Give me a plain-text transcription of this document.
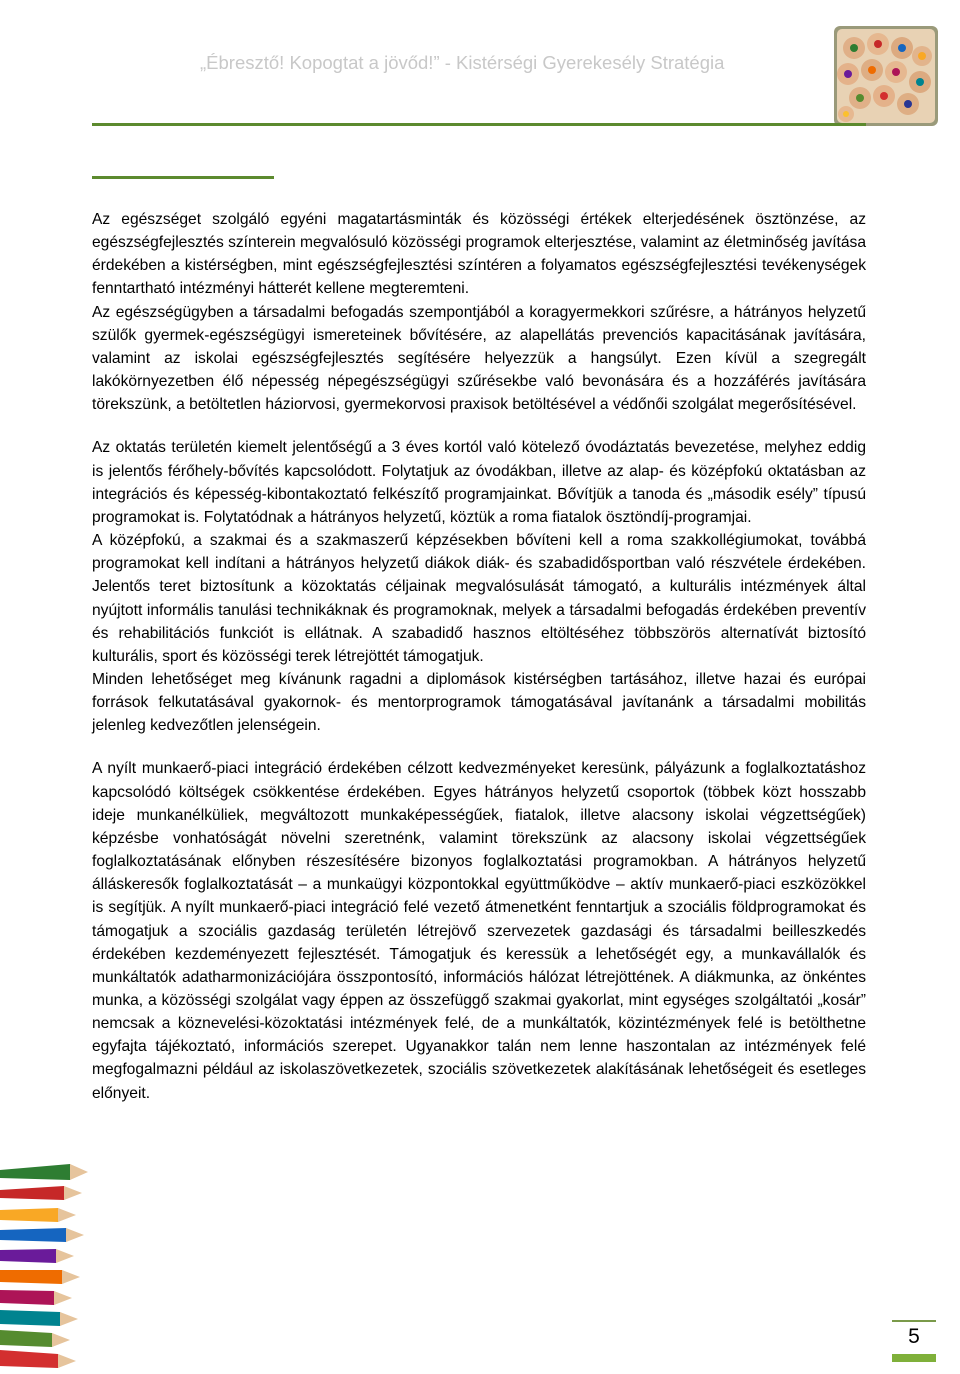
„Ébresztő! Kopogtat a jövőd!” - Kistérségi Gyerekesély Stratégia

Az egészséget szolgáló egyéni magatartásminták és közösségi értékek elterjedésének ösztönzése, az egészségfejlesztés színterein megvalósuló közösségi programok elterjesztése, valamint az életminőség javítása érdekében a kistérségben, mint egészségfejlesztési színtéren a folyamatos egészségfejlesztési tevékenységek fenntartható intézményi hátterét kellene megteremteni.

Az egészségügyben a társadalmi befogadás szempontjából a koragyermekkori szűrésre, a hátrányos helyzetű szülők gyermek-egészségügyi ismereteinek bővítésére, az alapellátás prevenciós kapacitásának javítására, valamint az iskolai egészségfejlesztés segítésére helyezzük a hangsúlyt. Ezen kívül a szegregált lakókörnyezetben élő népesség népegészségügyi szűrésekbe való bevonására és a hozzáférés javítására törekszünk, a betöltetlen háziorvosi, gyermekorvosi praxisok betöltésével a védőnői szolgálat megerősítésével.

Az oktatás területén kiemelt jelentőségű a 3 éves kortól való kötelező óvodáztatás bevezetése, melyhez eddig is jelentős férőhely-bővítés kapcsolódott. Folytatjuk az óvodákban, illetve az alap- és középfokú oktatásban az integrációs és képesség-kibontakoztató felkészítő programjainkat. Bővítjük a tanoda és „második esély” típusú programokat is. Folytatódnak a hátrányos helyzetű, köztük a roma fiatalok ösztöndíj-programjai.

A középfokú, a szakmai és a szakmaszerű képzésekben bővíteni kell a roma szakkollégiumokat, továbbá programokat kell indítani a hátrányos helyzetű diákok diák- és szabadidősportban való részvétele érdekében. Jelentős teret biztosítunk a közoktatás céljainak megvalósulását támogató, a kulturális intézmények által nyújtott informális tanulási technikáknak és programoknak, melyek a társadalmi befogadás érdekében preventív és rehabilitációs funkciót is ellátnak. A szabadidő hasznos eltöltéséhez többszörös alternatívát biztosító kulturális, sport és közösségi terek létrejöttét támogatjuk.

Minden lehetőséget meg kívánunk ragadni a diplomások kistérségben tartásához, illetve hazai és európai források felkutatásával gyakornok- és mentorprogramok támogatásával javítanánk a társadalmi mobilitás jelenleg kedvezőtlen jelenségein.

A nyílt munkaerő-piaci integráció érdekében célzott kedvezményeket keresünk, pályázunk a foglalkoztatáshoz kapcsolódó költségek csökkentése érdekében. Egyes hátrányos helyzetű csoportok (többek közt hosszabb ideje munkanélküliek, megváltozott munkaképességűek, fiatalok, illetve alacsony iskolai végzettségűek) képzésbe vonhatóságát növelni szeretnénk, valamint törekszünk az alacsony iskolai végzettségűek foglalkoztatásának előnyben részesítésére bizonyos foglalkoztatási programokban. A hátrányos helyzetű álláskeresők foglalkoztatását – a munkaügyi központokkal együttműködve – aktív munkaerő-piaci eszközökkel is segítjük. A nyílt munkaerő-piaci integráció felé vezető átmenetként fenntartjuk a szociális földprogramokat és támogatjuk a szociális gazdaság területén létrejövő szervezetek gazdasági és társadalmi beilleszkedés érdekében kezdeményezett fejlesztését. Támogatjuk és keressük a lehetőségét egy, a munkavállalók és munkáltatók adatharmonizációjára összpontosító, információs hálózat létrejöttének. A diákmunka, az önkéntes munka, a közösségi szolgálat vagy éppen az összefüggő szakmai gyakorlat, mint egységes szolgáltatói „kosár” nemcsak a köznevelési-közoktatási intézmények felé, de a munkáltatók, közintézmények felé is betölthetne egyfajta tájékoztató, információs szerepet. Ugyanakkor talán nem lenne haszontalan az intézmények felé megfogalmazni például az iskolaszövetkezetek, szociális szövetkezetek alakításának lehetőségeit és esetleges előnyeit.

5
